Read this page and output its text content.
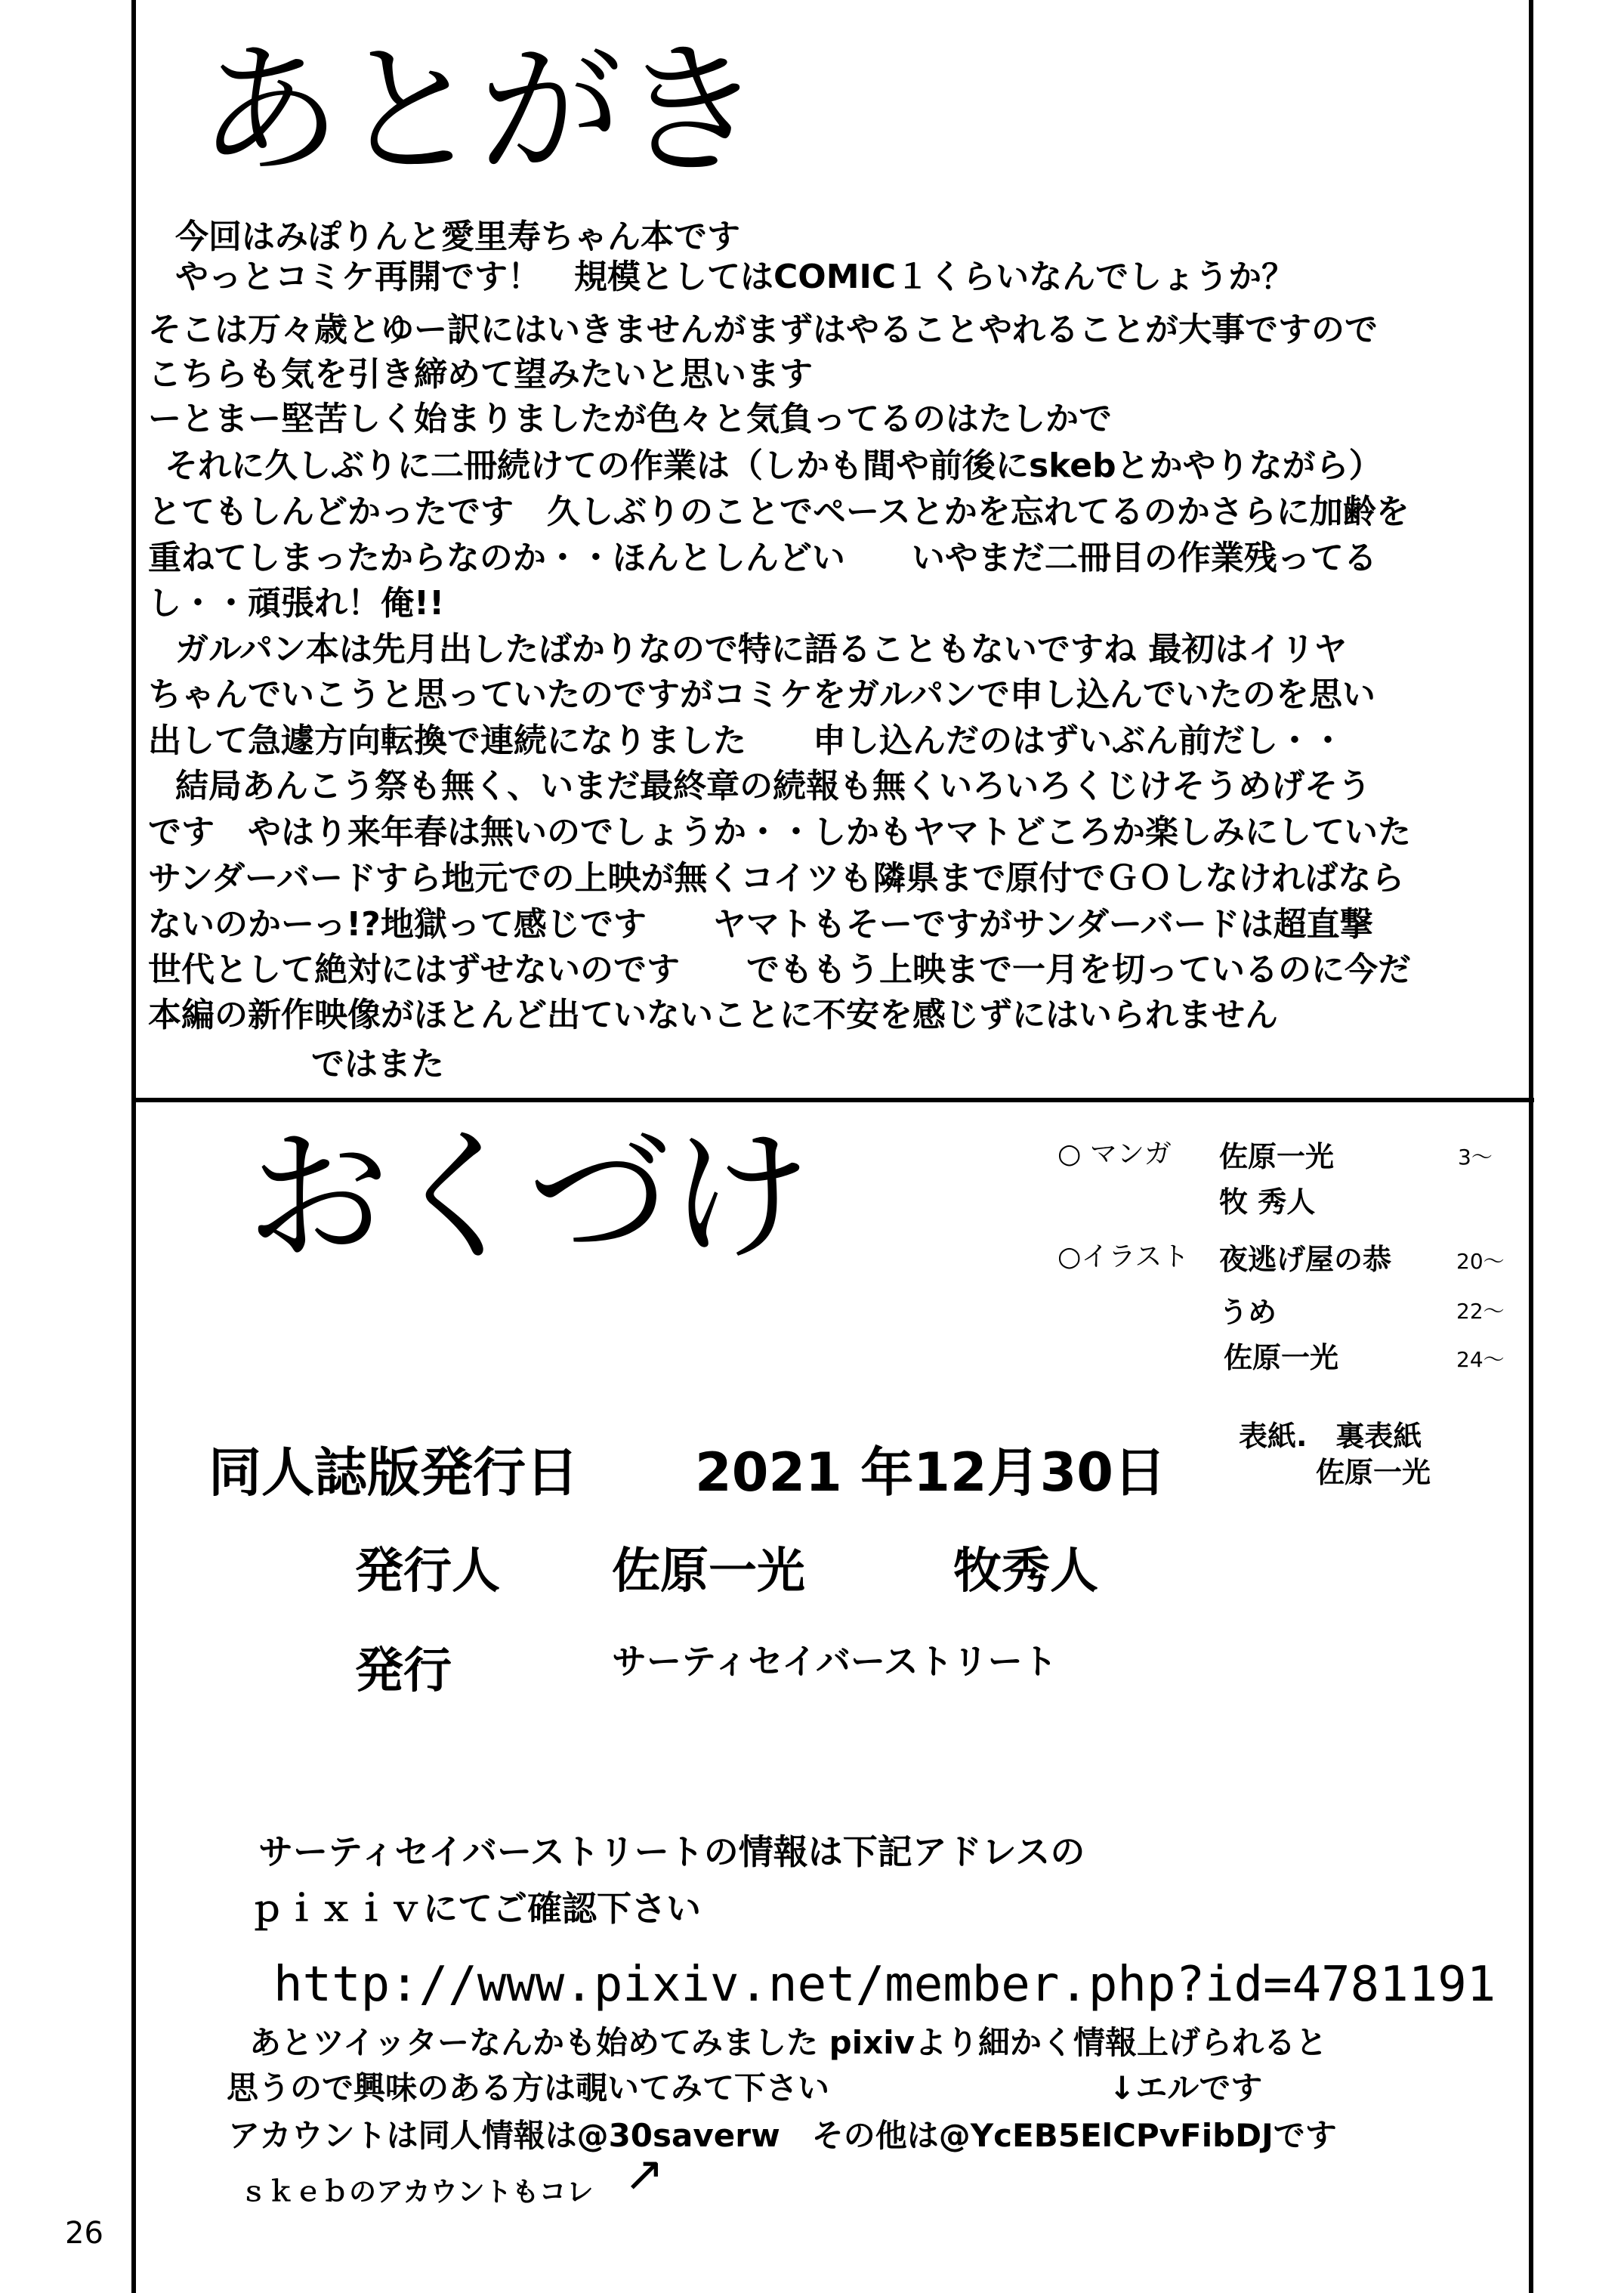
あとがき
今回はみぽりんと愛里寿ちゃん本です
やっとコミケ再開です！　規模としてはCOMIC１くらいなんでしょうか？
そこは万々歳とゆー訳にはいきませんがまずはやることやれることが大事ですので
こちらも気を引き締めて望みたいと思います
ーとまー堅苦しく始まりましたが色々と気負ってるのはたしかで
それに久しぶりに二冊続けての作業は（しかも間や前後にskebとかやりながら）
とてもしんどかったです　久しぶりのことでペースとかを忘れてるのかさらに加齢を
重ねてしまったからなのか・・ほんとしんどい　　いやまだ二冊目の作業残ってる
し・・頑張れ！俺!!
ガルパン本は先月出したばかりなので特に語ることもないですね 最初はイリヤ
ちゃんでいこうと思っていたのですがコミケをガルパンで申し込んでいたのを思い
出して急遽方向転換で連続になりました　　申し込んだのはずいぶん前だし・・
結局あんこう祭も無く、いまだ最終章の続報も無くいろいろくじけそうめげそう
です　やはり来年春は無いのでしょうか・・しかもヤマトどころか楽しみにしていた
サンダーバードすら地元での上映が無くコイツも隣県まで原付でＧＯしなければなら
ないのかーっ!?地獄って感じです　　ヤマトもそーですがサンダーバードは超直撃
世代として絶対にはずせないのです　　でももう上映まで一月を切っているのに今だ
本編の新作映像がほとんど出ていないことに不安を感じずにはいられません
ではまた
おくづけ	○ マンガ 佐原一光	3～
牧 秀人
○イラスト 夜逃げ屋の恭	20～
うめ	22～
佐原一光	24～
表紙.　裏表紙
佐原一光
同人誌版発行日 2021 年12月30日
発行人 佐原一光	牧秀人
発行	サーティセイバーストリート
サーティセイバーストリートの情報は下記アドレスの
ｐｉｘｉｖにてご確認下さい
http://www.pixiv.net/member.php?id=4781191
あとツイッターなんかも始めてみました pixivより細かく情報上げられると
思うので興味のある方は覗いてみて下さい	↓エルです
アカウントは同人情報は@30saverw　その他は@YcEB5ElCPvFibDJです
ｓｋｅｂのアカウントもコレ ↗
26
